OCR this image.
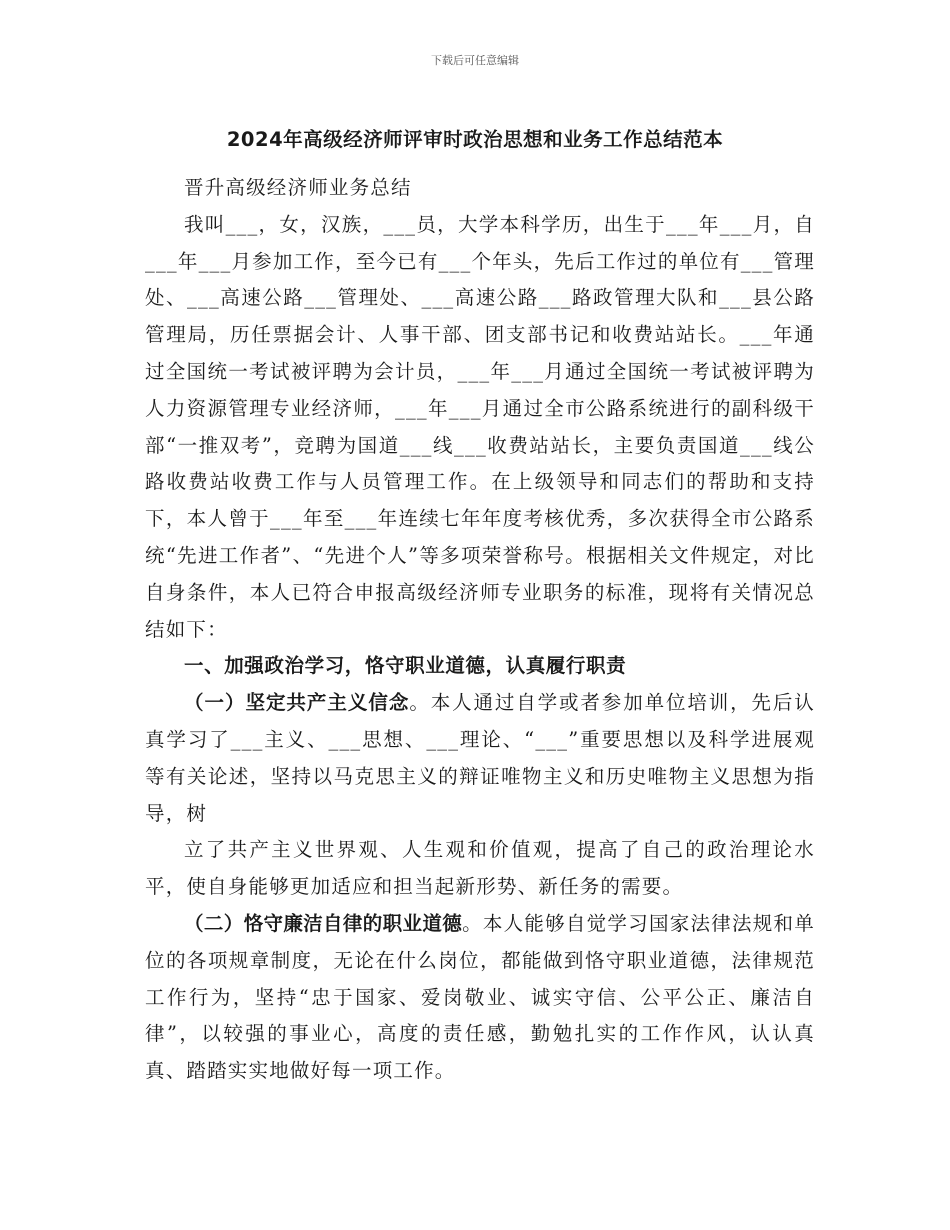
下载后可任意编辑
2024年高级经济师评审时政治思想和业务工作总结范本

晋升高级经济师业务总结

我叫___，女，汉族，___员，大学本科学历，出生于___年___月，自___年___月参加工作，至今已有___个年头，先后工作过的单位有___管理处、___高速公路___管理处、___高速公路___路政管理大队和___县公路管理局，历任票据会计、人事干部、团支部书记和收费站站长。___年通过全国统一考试被评聘为会计员，___年___月通过全国统一考试被评聘为人力资源管理专业经济师，___年___月通过全市公路系统进行的副科级干部“一推双考”，竞聘为国道___线___收费站站长，主要负责国道___线公路收费站收费工作与人员管理工作。在上级领导和同志们的帮助和支持下，本人曾于___年至___年连续七年年度考核优秀，多次获得全市公路系统“先进工作者”、“先进个人”等多项荣誉称号。根据相关文件规定，对比自身条件，本人已符合申报高级经济师专业职务的标准，现将有关情况总结如下：

一、加强政治学习，恪守职业道德，认真履行职责

（一）坚定共产主义信念。本人通过自学或者参加单位培训，先后认真学习了___主义、___思想、___理论、“___”重要思想以及科学进展观等有关论述，坚持以马克思主义的辩证唯物主义和历史唯物主义思想为指导，树

立了共产主义世界观、人生观和价值观，提高了自己的政治理论水平，使自身能够更加适应和担当起新形势、新任务的需要。

（二）恪守廉洁自律的职业道德。本人能够自觉学习国家法律法规和单位的各项规章制度，无论在什么岗位，都能做到恪守职业道德，法律规范工作行为，坚持“忠于国家、爱岗敬业、诚实守信、公平公正、廉洁自律”，以较强的事业心，高度的责任感，勤勉扎实的工作作风，认认真真、踏踏实实地做好每一项工作。
